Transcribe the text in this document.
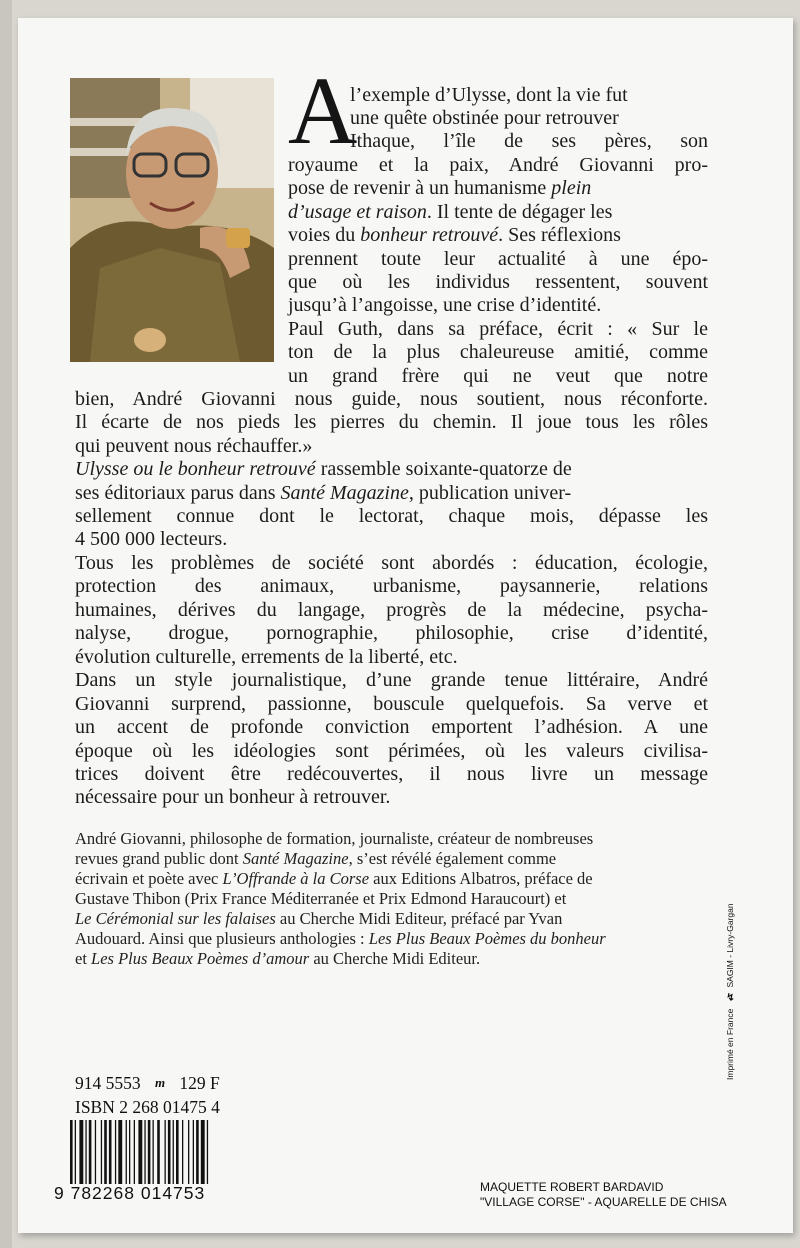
A
l’exemple d’Ulysse, dont la vie fut
une quête obstinée pour retrouver
Ithaque, l’île de ses pères, son
royaume et la paix, André Giovanni pro-
pose de revenir à un humanisme plein
d’usage et raison. Il tente de dégager les
voies du bonheur retrouvé. Ses réflexions
prennent toute leur actualité à une épo-
que où les individus ressentent, souvent
jusqu’à l’angoisse, une crise d’identité.
Paul Guth, dans sa préface, écrit : « Sur le
ton de la plus chaleureuse amitié, comme
un grand frère qui ne veut que notre
bien, André Giovanni nous guide, nous soutient, nous réconforte.
Il écarte de nos pieds les pierres du chemin. Il joue tous les rôles
qui peuvent nous réchauffer.»
Ulysse ou le bonheur retrouvé rassemble soixante-quatorze de
ses éditoriaux parus dans Santé Magazine, publication univer-
sellement connue dont le lectorat, chaque mois, dépasse les
4 500 000 lecteurs.
Tous les problèmes de société sont abordés : éducation, écologie,
protection des animaux, urbanisme, paysannerie, relations
humaines, dérives du langage, progrès de la médecine, psycha-
nalyse, drogue, pornographie, philosophie, crise d’identité,
évolution culturelle, errements de la liberté, etc.
Dans un style journalistique, d’une grande tenue littéraire, André
Giovanni surprend, passionne, bouscule quelquefois. Sa verve et
un accent de profonde conviction emportent l’adhésion. A une
époque où les idéologies sont périmées, où les valeurs civilisa-
trices doivent être redécouvertes, il nous livre un message
nécessaire pour un bonheur à retrouver.
André Giovanni, philosophe de formation, journaliste, créateur de nombreuses
revues grand public dont Santé Magazine, s’est révélé également comme
écrivain et poète avec L’Offrande à la Corse aux Editions Albatros, préface de
Gustave Thibon (Prix France Méditerranée et Prix Edmond Haraucourt) et
Le Cérémonial sur les falaises au Cherche Midi Editeur, préfacé par Yvan
Audouard. Ainsi que plusieurs anthologies : Les Plus Beaux Poèmes du bonheur
et Les Plus Beaux Poèmes d’amour au Cherche Midi Editeur.
914 5553 m 129 F
ISBN 2 268 01475 4
9 782268 014753	MAQUETTE ROBERT BARDAVID
"VILLAGE CORSE" - AQUARELLE DE CHISA
Imprimé en France ↯ SAGIM - Livry-Gargan
